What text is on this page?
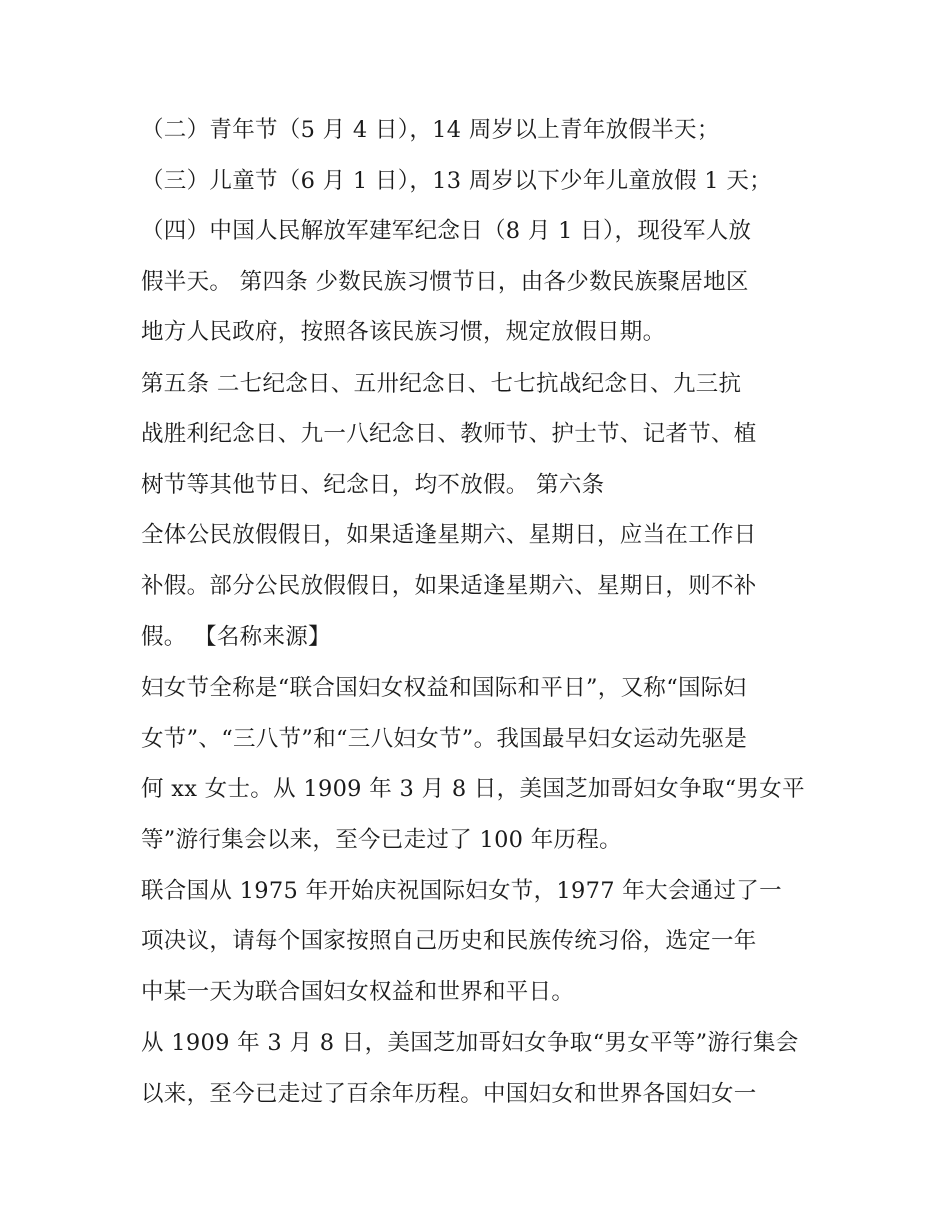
（二）青年节（5 月 4 日），14 周岁以上青年放假半天；
（三）儿童节（6 月 1 日），13 周岁以下少年儿童放假 1 天；
（四）中国人民解放军建军纪念日（8 月 1 日），现役军人放
假半天。 第四条 少数民族习惯节日，由各少数民族聚居地区
地方人民政府，按照各该民族习惯，规定放假日期。
第五条 二七纪念日、五卅纪念日、七七抗战纪念日、九三抗
战胜利纪念日、九一八纪念日、教师节、护士节、记者节、植
树节等其他节日、纪念日，均不放假。 第六条
全体公民放假假日，如果适逢星期六、星期日，应当在工作日
补假。部分公民放假假日，如果适逢星期六、星期日，则不补
假。 【名称来源】
妇女节全称是“联合国妇女权益和国际和平日”，又称“国际妇
女节”、“三八节”和“三八妇女节”。我国最早妇女运动先驱是
何 xx 女士。从 1909 年 3 月 8 日，美国芝加哥妇女争取“男女平
等”游行集会以来，至今已走过了 100 年历程。
联合国从 1975 年开始庆祝国际妇女节，1977 年大会通过了一
项决议，请每个国家按照自己历史和民族传统习俗，选定一年
中某一天为联合国妇女权益和世界和平日。
从 1909 年 3 月 8 日，美国芝加哥妇女争取“男女平等”游行集会
以来，至今已走过了百余年历程。中国妇女和世界各国妇女一
